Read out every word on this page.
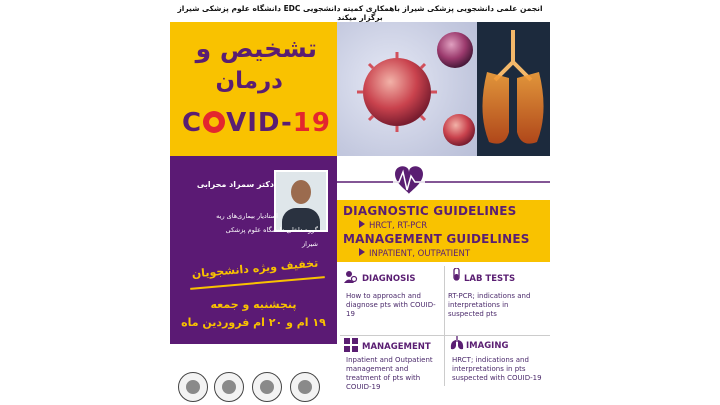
انجمن علمی دانشجویی پزشکی شیراز باهمکاری کمیته دانشجویی EDC دانشگاه علوم پزشکی شیراز برگزار میکند
تشخیص و
درمان
C VID-19
دکتر سمراد محرابی
استادیار بیماری‌های ریه
گروه داخلی دانشگاه علوم پزشکی
شیراز
تخفیف ویژه دانشجویان
پنجشنبه و جمعه
۱۹ ام و ۲۰ ام فروردین ماه
DIAGNOSTIC GUIDELINES
HRCT, RT-PCR
MANAGEMENT GUIDELINES
INPATIENT, OUTPATIENT
DIAGNOSIS
How to approach and diagnose pts with COUID-19
LAB TESTS
RT-PCR; indications and interpretations in suspected pts
MANAGEMENT
Inpatient and Outpatient management and treatment of pts with COUID-19
IMAGING
HRCT; indications and interpretations in pts suspected with COUID-19
